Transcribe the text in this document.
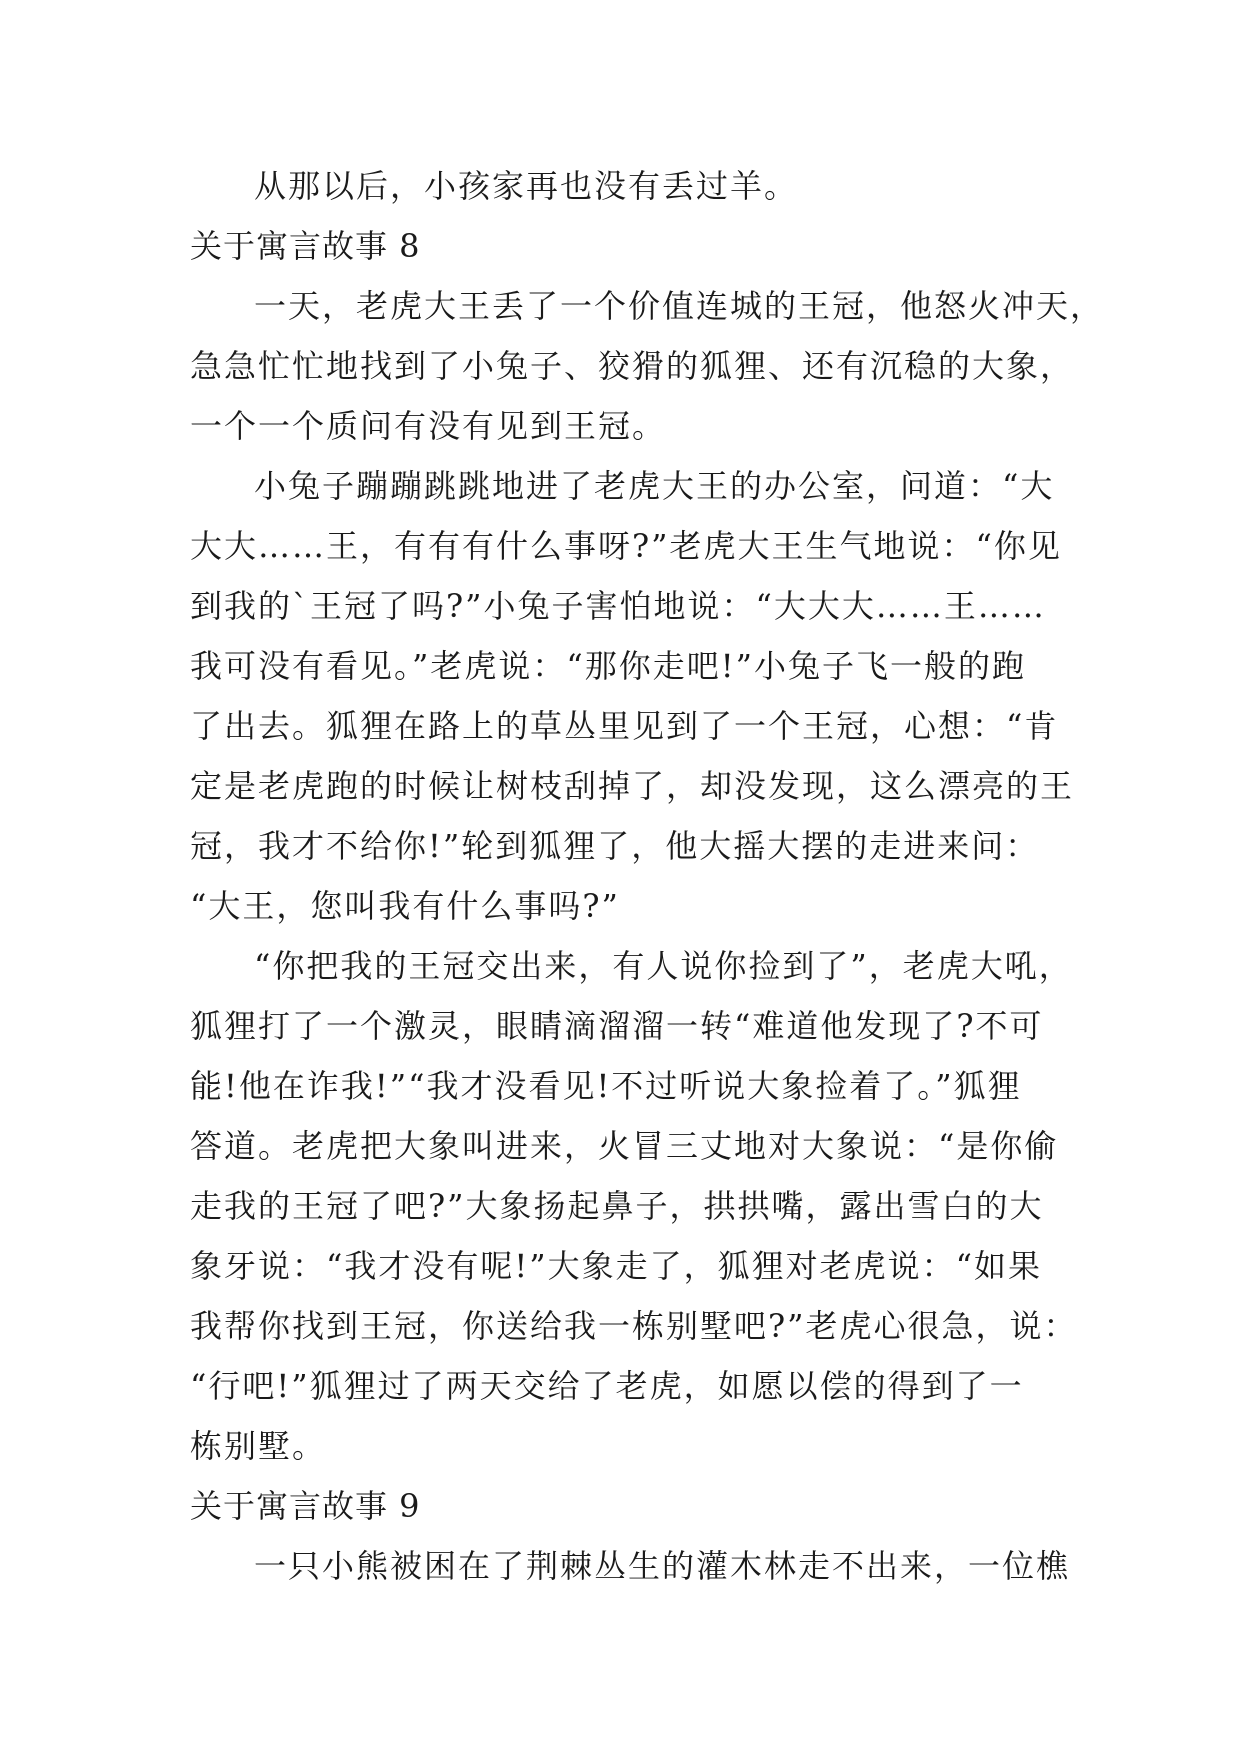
从那以后，小孩家再也没有丢过羊。
关于寓言故事 8
一天，老虎大王丢了一个价值连城的王冠，他怒火冲天，
急急忙忙地找到了小兔子、狡猾的狐狸、还有沉稳的大象，
一个一个质问有没有见到王冠。
小兔子蹦蹦跳跳地进了老虎大王的办公室，问道：“大
大大……王，有有有什么事呀?”老虎大王生气地说：“你见
到我的`王冠了吗?”小兔子害怕地说：“大大大……王……
我可没有看见。”老虎说：“那你走吧!”小兔子飞一般的跑
了出去。狐狸在路上的草丛里见到了一个王冠，心想：“肯
定是老虎跑的时候让树枝刮掉了，却没发现，这么漂亮的王
冠，我才不给你!”轮到狐狸了，他大摇大摆的走进来问：
“大王，您叫我有什么事吗?”
“你把我的王冠交出来，有人说你捡到了”，老虎大吼，
狐狸打了一个激灵，眼睛滴溜溜一转“难道他发现了?不可
能!他在诈我!”“我才没看见!不过听说大象捡着了。”狐狸
答道。老虎把大象叫进来，火冒三丈地对大象说：“是你偷
走我的王冠了吧?”大象扬起鼻子，拱拱嘴，露出雪白的大
象牙说：“我才没有呢!”大象走了，狐狸对老虎说：“如果
我帮你找到王冠，你送给我一栋别墅吧?”老虎心很急，说：
“行吧!”狐狸过了两天交给了老虎，如愿以偿的得到了一
栋别墅。
关于寓言故事 9
一只小熊被困在了荆棘丛生的灌木林走不出来，一位樵
